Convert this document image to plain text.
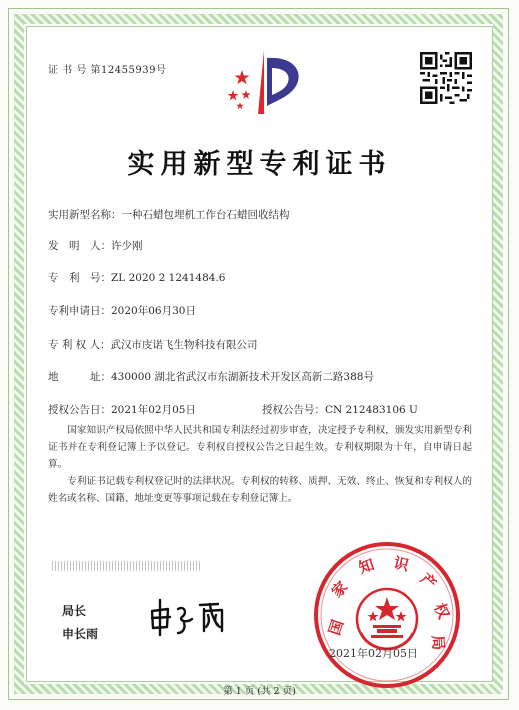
证 书 号 第12455939号
实用新型专利证书
实用新型名称：一种石蜡包埋机工作台石蜡回收结构
发　明　人：许少刚
专　利　号：ZL 2020 2 1241484.6
专利申请日：2020年06月30日
专 利 权 人：武汉市庋诺飞生物科技有限公司
地　　　址：430000 湖北省武汉市东湖新技术开发区高新二路388号
授权公告日：2021年02月05日	授权公告号：CN 212483106 U
国家知识产权局依照中华人民共和国专利法经过初步审查，决定授予专利权，颁发实用新型专利证书并在专利登记簿上予以登记。专利权自授权公告之日起生效。专利权期限为十年，自申请日起算。
专利证书记载专利权登记时的法律状况。专利权的转移、质押、无效、终止、恢复和专利权人的姓名或名称、国籍、地址变更等事项记载在专利登记簿上。
局长
申长雨	国
家
知 识
产
权
局
2021年02月05日
第 1 页 (共 2 页)
